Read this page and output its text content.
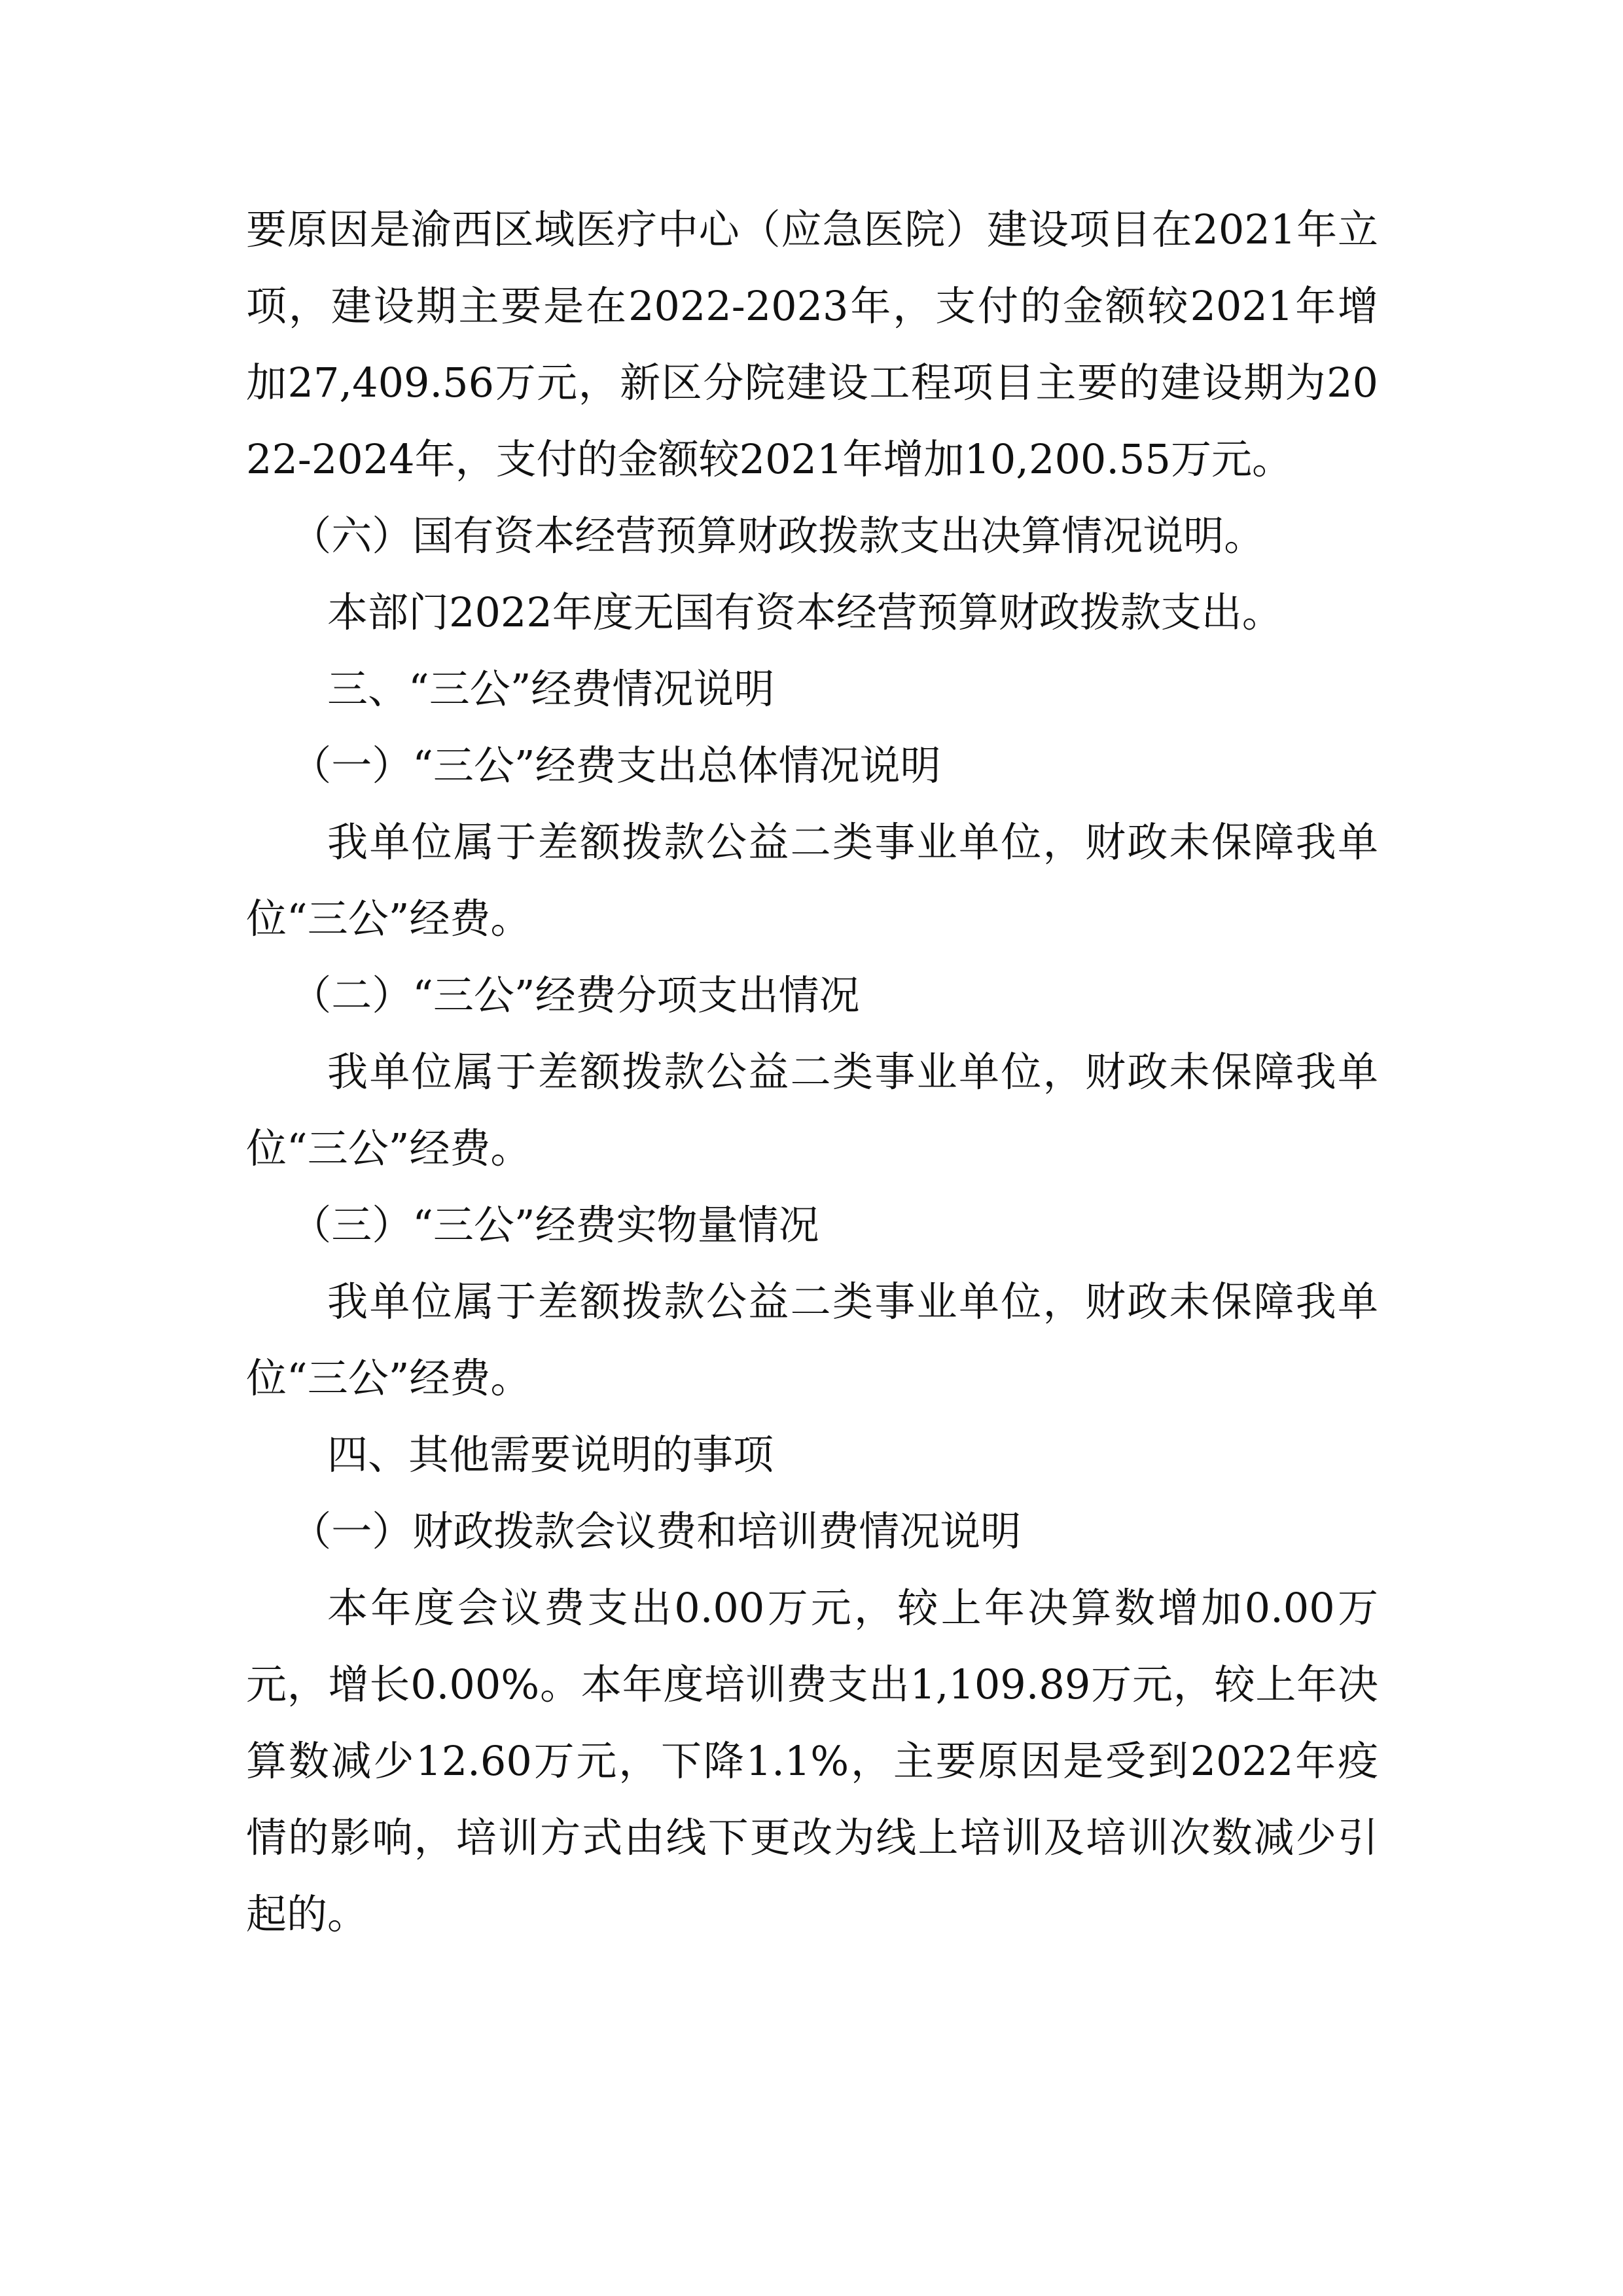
要原因是渝西区域医疗中心（应急医院）建设项目在2021年立项，建设期主要是在2022-2023年，支付的金额较2021年增加27,409.56万元，新区分院建设工程项目主要的建设期为2022-2024年，支付的金额较2021年增加10,200.55万元。

（六）国有资本经营预算财政拨款支出决算情况说明。

本部门2022年度无国有资本经营预算财政拨款支出。

三、“三公”经费情况说明

（一）“三公”经费支出总体情况说明

我单位属于差额拨款公益二类事业单位，财政未保障我单位“三公”经费。

（二）“三公”经费分项支出情况

我单位属于差额拨款公益二类事业单位，财政未保障我单位“三公”经费。

（三）“三公”经费实物量情况

我单位属于差额拨款公益二类事业单位，财政未保障我单位“三公”经费。

四、其他需要说明的事项

（一）财政拨款会议费和培训费情况说明

本年度会议费支出0.00万元，较上年决算数增加0.00万元，增长0.00%。本年度培训费支出1,109.89万元，较上年决算数减少12.60万元，下降1.1%，主要原因是受到2022年疫情的影响，培训方式由线下更改为线上培训及培训次数减少引起的。
